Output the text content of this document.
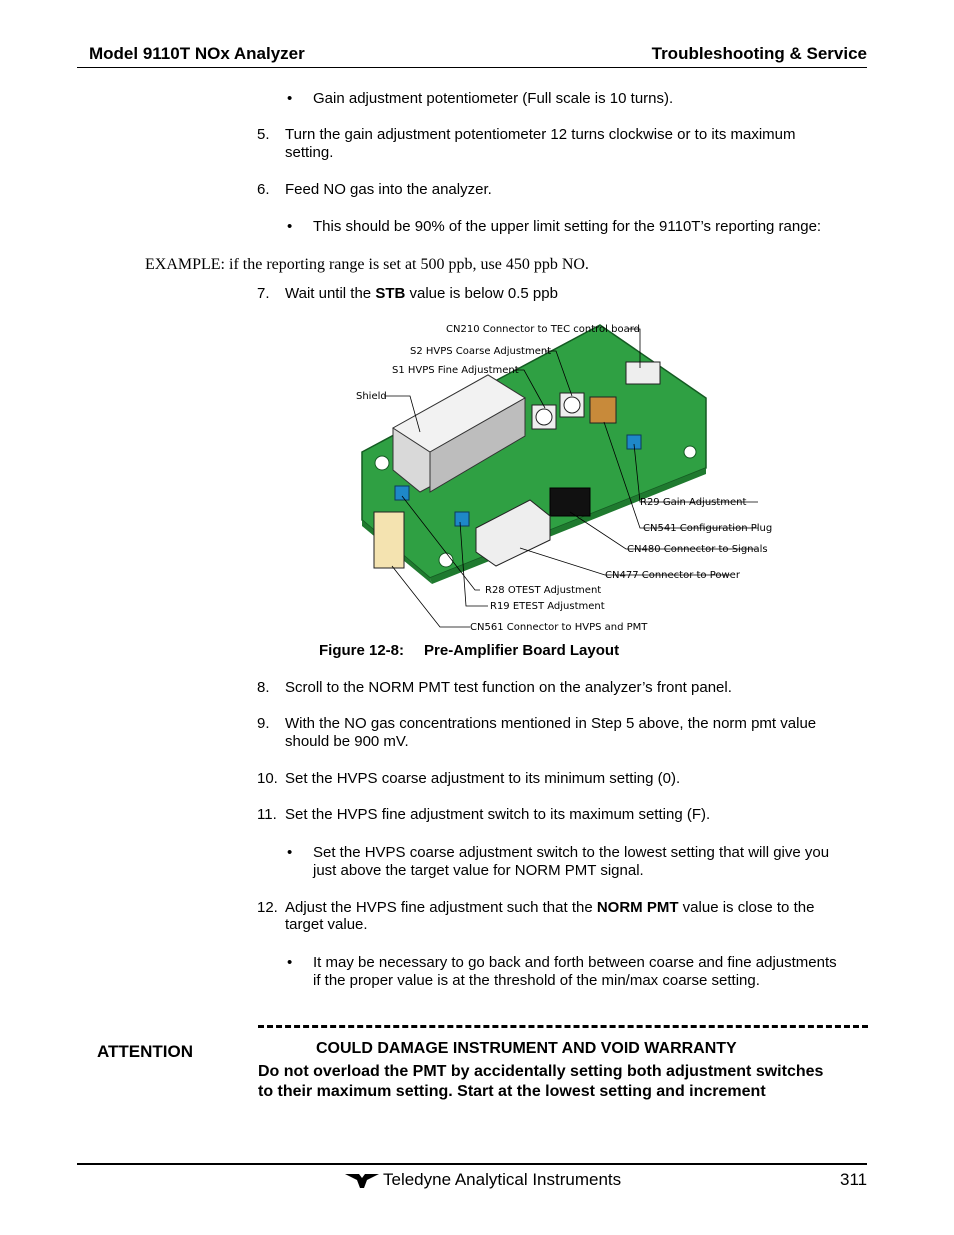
Model 9110T NOx Analyzer	Troubleshooting & Service
• Gain adjustment potentiometer (Full scale is 10 turns).
5. Turn the gain adjustment potentiometer 12 turns clockwise or to its maximum
setting.
6. Feed NO gas into the analyzer.
• This should be 90% of the upper limit setting for the 9110T’s reporting range:
EXAMPLE: if the reporting range is set at 500 ppb, use 450 ppb NO.
7. Wait until the STB value is below 0.5 ppb
CN210 Connector to TEC control board
S2 HVPS Coarse Adjustment
S1 HVPS Fine Adjustment
Shield
R29 Gain Adjustment
CN541 Configuration Plug
CN480 Connector to Signals
CN477 Connector to Power
R28 OTEST Adjustment
R19 ETEST Adjustment
CN561 Connector to HVPS and PMT
Figure 12-8: Pre-Amplifier Board Layout
8. Scroll to the NORM PMT test function on the analyzer’s front panel.
9. With the NO gas concentrations mentioned in Step 5 above, the norm pmt value
should be 900 mV.
10. Set the HVPS coarse adjustment to its minimum setting (0).
11. Set the HVPS fine adjustment switch to its maximum setting (F).
• Set the HVPS coarse adjustment switch to the lowest setting that will give you
just above the target value for NORM PMT signal.
12. Adjust the HVPS fine adjustment such that the NORM PMT value is close to the
target value.
• It may be necessary to go back and forth between coarse and fine adjustments
if the proper value is at the threshold of the min/max coarse setting.
ATTENTION	COULD DAMAGE INSTRUMENT AND VOID WARRANTY
Do not overload the PMT by accidentally setting both adjustment switches
to their maximum setting. Start at the lowest setting and increment
Teledyne Analytical Instruments	311
